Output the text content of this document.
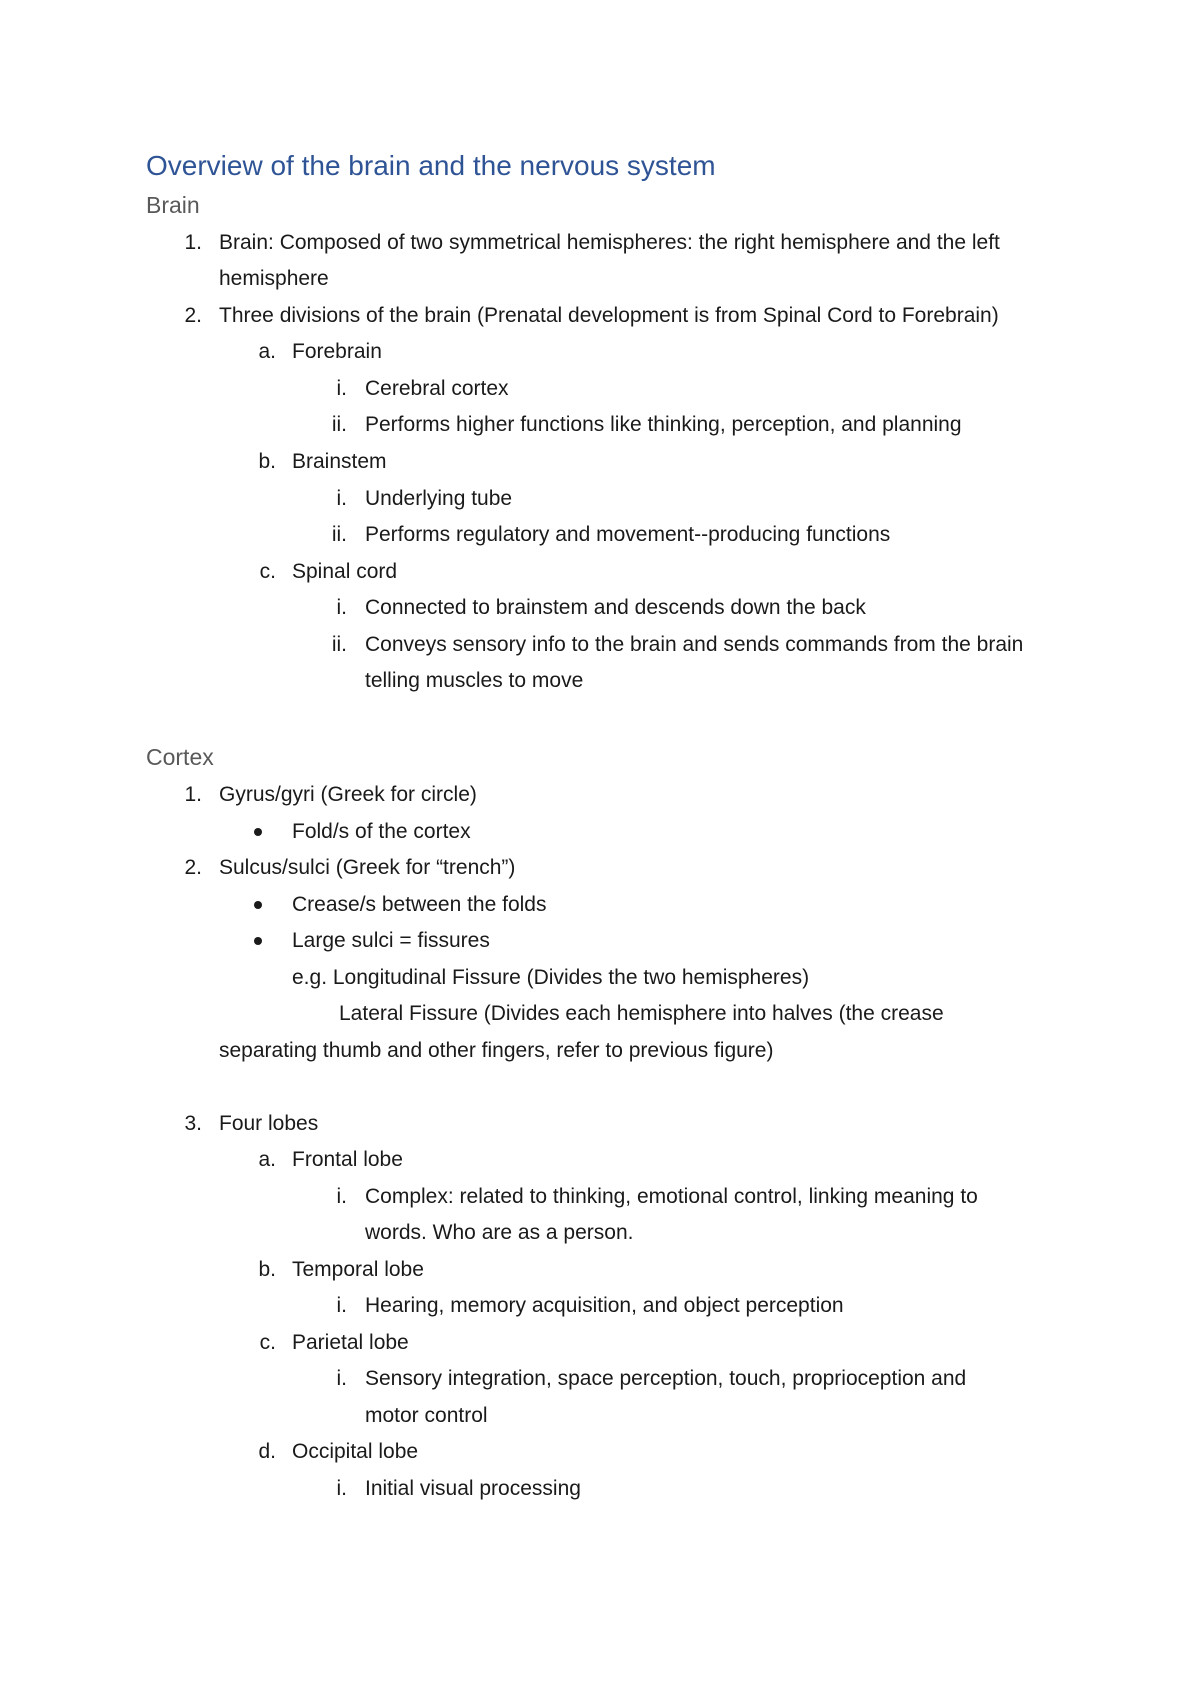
Overview of the brain and the nervous system
Brain
1. Brain: Composed of two symmetrical hemispheres: the right hemisphere and the left
hemisphere
2. Three divisions of the brain (Prenatal development is from Spinal Cord to Forebrain)
a. Forebrain
i. Cerebral cortex
ii. Performs higher functions like thinking, perception, and planning
b. Brainstem
i. Underlying tube
ii. Performs regulatory and movement--producing functions
c. Spinal cord
i. Connected to brainstem and descends down the back
ii. Conveys sensory info to the brain and sends commands from the brain
telling muscles to move
Cortex
1. Gyrus/gyri (Greek for circle)
Fold/s of the cortex
2. Sulcus/sulci (Greek for “trench”)
Crease/s between the folds
Large sulci = fissures
e.g. Longitudinal Fissure (Divides the two hemispheres)
Lateral Fissure (Divides each hemisphere into halves (the crease
separating thumb and other fingers, refer to previous figure)
3. Four lobes
a. Frontal lobe
i. Complex: related to thinking, emotional control, linking meaning to
words. Who are as a person.
b. Temporal lobe
i. Hearing, memory acquisition, and object perception
c. Parietal lobe
i. Sensory integration, space perception, touch, proprioception and
motor control
d. Occipital lobe
i. Initial visual processing
